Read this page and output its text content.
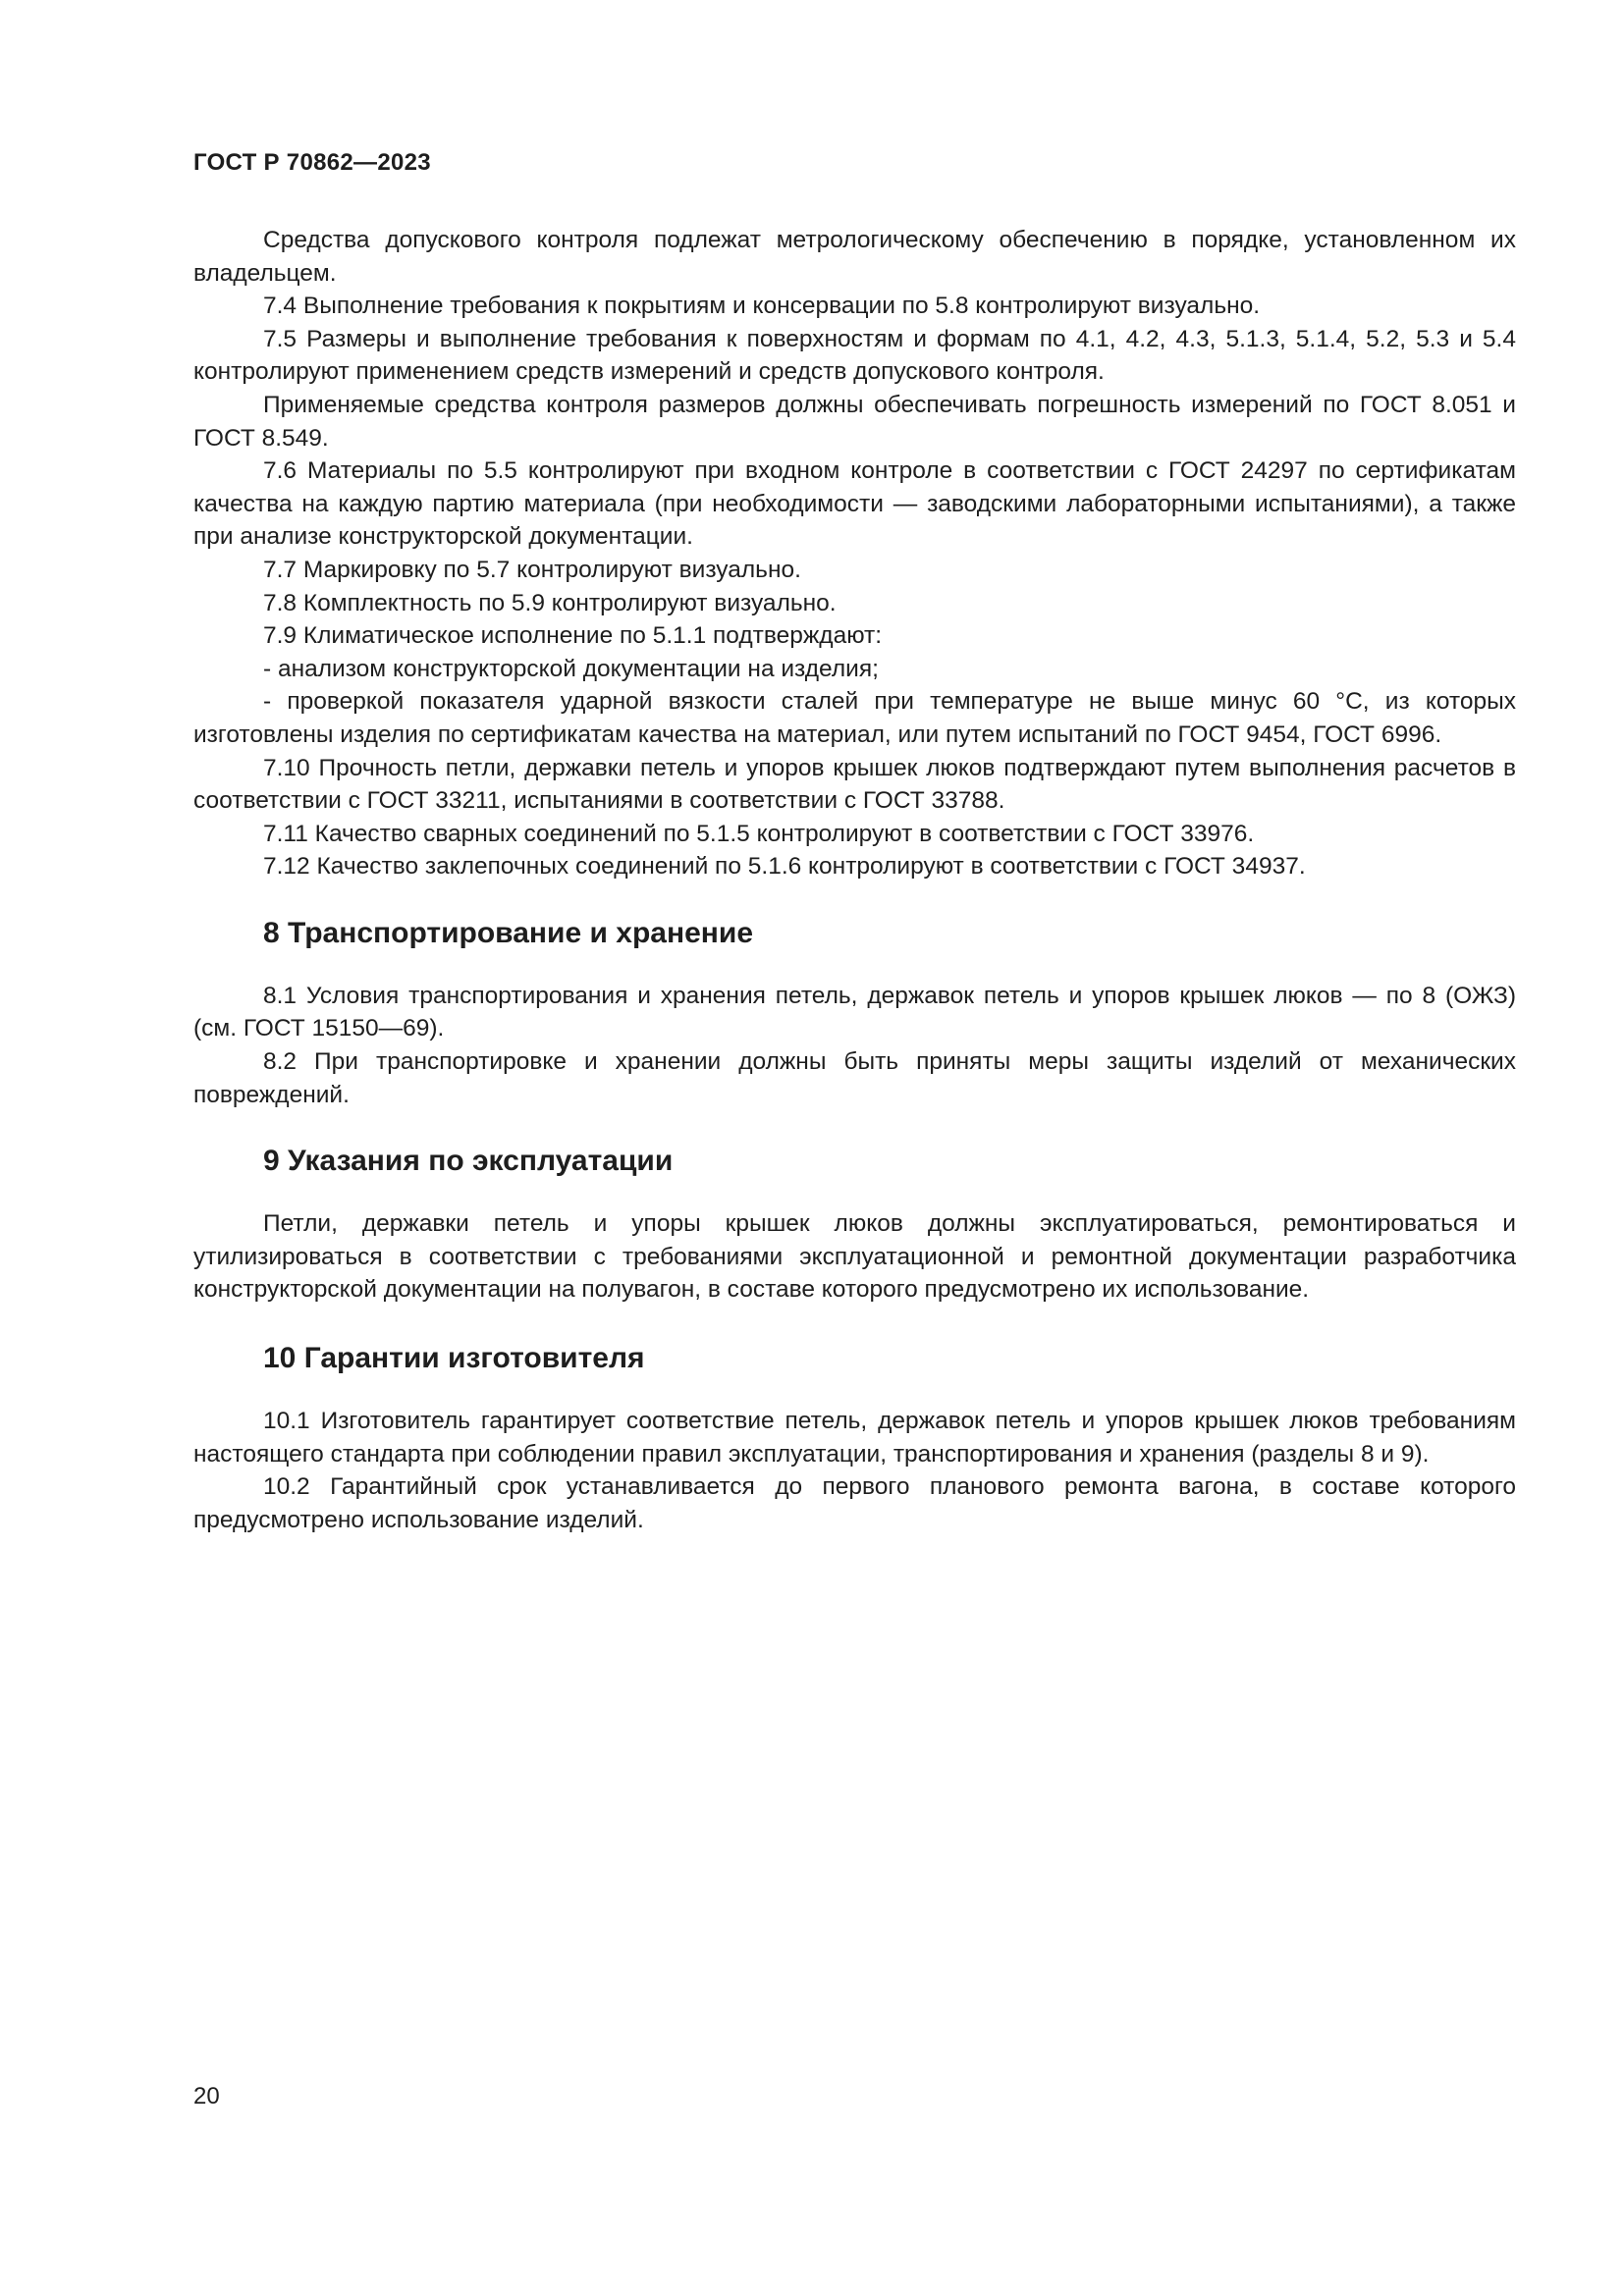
ГОСТ Р 70862—2023

Средства допускового контроля подлежат метрологическому обеспечению в порядке, установленном их владельцем.

7.4 Выполнение требования к покрытиям и консервации по 5.8 контролируют визуально.

7.5 Размеры и выполнение требования к поверхностям и формам по 4.1, 4.2, 4.3, 5.1.3, 5.1.4, 5.2, 5.3 и 5.4 контролируют применением средств измерений и средств допускового контроля.

Применяемые средства контроля размеров должны обеспечивать погрешность измерений по ГОСТ 8.051 и ГОСТ 8.549.

7.6 Материалы по 5.5 контролируют при входном контроле в соответствии с ГОСТ 24297 по сертификатам качества на каждую партию материала (при необходимости — заводскими лабораторными испытаниями), а также при анализе конструкторской документации.

7.7 Маркировку по 5.7 контролируют визуально.

7.8 Комплектность по 5.9 контролируют визуально.

7.9 Климатическое исполнение по 5.1.1 подтверждают:

- анализом конструкторской документации на изделия;

- проверкой показателя ударной вязкости сталей при температуре не выше минус 60 °С, из которых изготовлены изделия по сертификатам качества на материал, или путем испытаний по ГОСТ 9454, ГОСТ 6996.

7.10 Прочность петли, державки петель и упоров крышек люков подтверждают путем выполнения расчетов в соответствии с ГОСТ 33211, испытаниями в соответствии с ГОСТ 33788.

7.11 Качество сварных соединений по 5.1.5 контролируют в соответствии с ГОСТ 33976.

7.12 Качество заклепочных соединений по 5.1.6 контролируют в соответствии с ГОСТ 34937.

8 Транспортирование и хранение

8.1 Условия транспортирования и хранения петель, державок петель и упоров крышек люков — по 8 (ОЖЗ) (см. ГОСТ 15150—69).

8.2 При транспортировке и хранении должны быть приняты меры защиты изделий от механических повреждений.

9 Указания по эксплуатации

Петли, державки петель и упоры крышек люков должны эксплуатироваться, ремонтироваться и утилизироваться в соответствии с требованиями эксплуатационной и ремонтной документации разработчика конструкторской документации на полувагон, в составе которого предусмотрено их использование.

10 Гарантии изготовителя

10.1 Изготовитель гарантирует соответствие петель, державок петель и упоров крышек люков требованиям настоящего стандарта при соблюдении правил эксплуатации, транспортирования и хранения (разделы 8 и 9).

10.2 Гарантийный срок устанавливается до первого планового ремонта вагона, в составе которого предусмотрено использование изделий.

20
